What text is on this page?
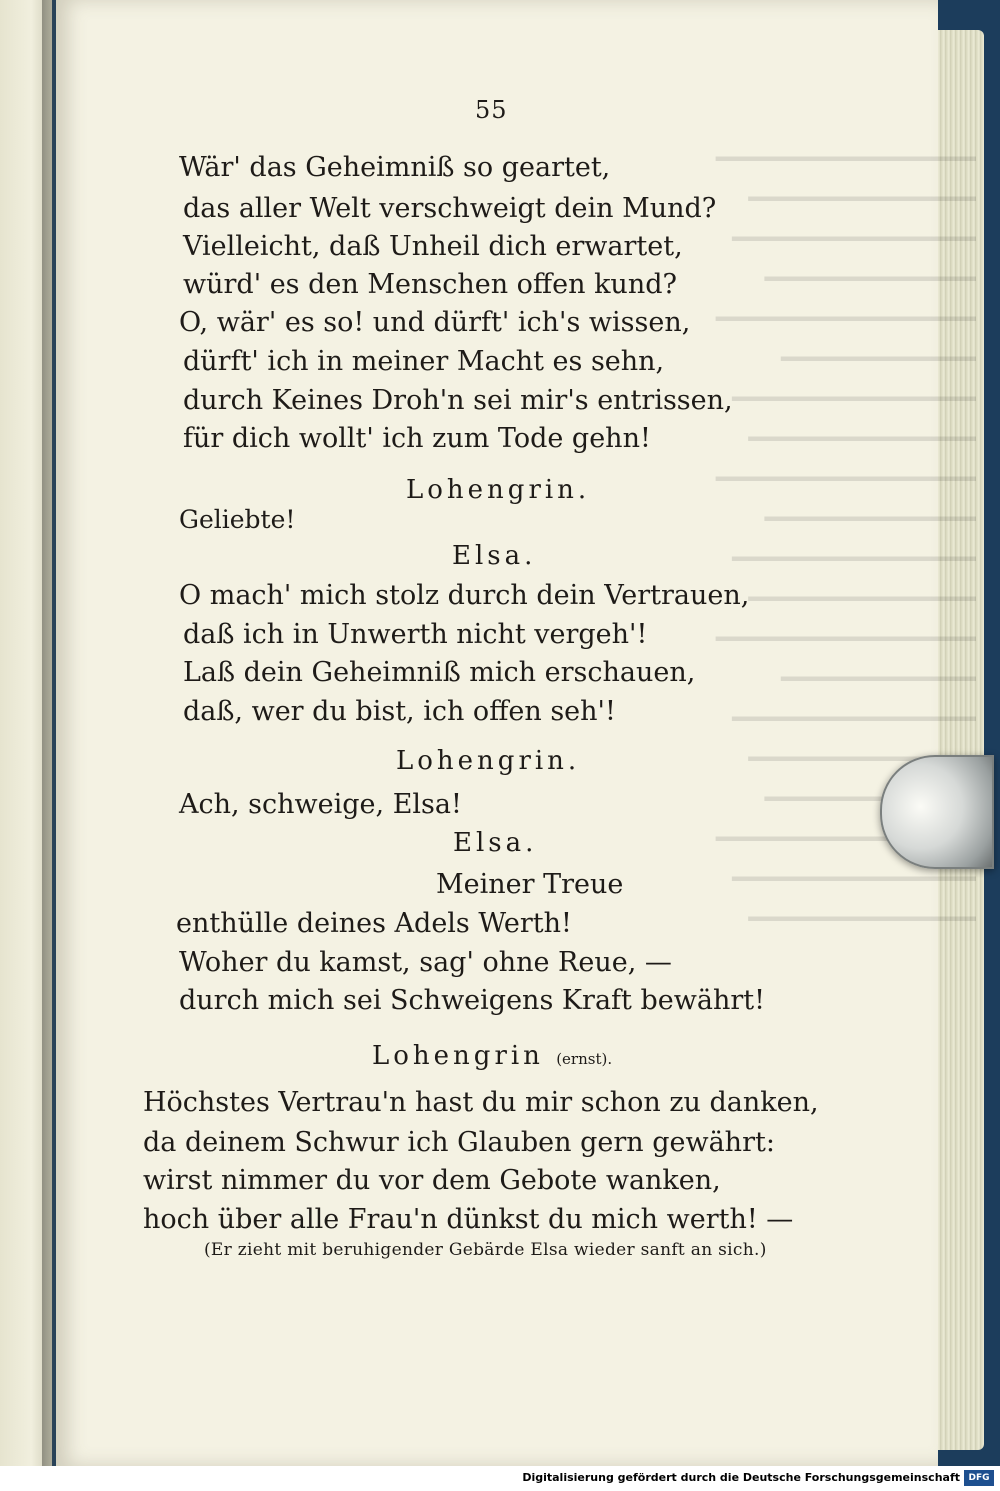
━━━━━━━━━━━━━━━━
━━━━━━━━━━━━━━
━━━━━━━━━━━━━━━
━━━━━━━━━━━━━
━━━━━━━━━━━━━━━━
━━━━━━━━━━━━
━━━━━━━━━━━━━━━
━━━━━━━━━━━━━━
━━━━━━━━━━━━━━━━
━━━━━━━━━━━━━
━━━━━━━━━━━━━━━
━━━━━━━━━━━━━━
━━━━━━━━━━━━━━━━
━━━━━━━━━━━━
━━━━━━━━━━━━━━━
━━━━━━━━━━━━━━
━━━━━━━━━━━━━
━━━━━━━━━━━━━━━━
━━━━━━━━━━━━━━━
━━━━━━━━━━━━━━
55
Wär' das Geheimniß so geartet,
das aller Welt verschweigt dein Mund?
Vielleicht, daß Unheil dich erwartet,
würd' es den Menschen offen kund?
O, wär' es so! und dürft' ich's wissen,
dürft' ich in meiner Macht es sehn,
durch Keines Droh'n sei mir's entrissen,
für dich wollt' ich zum Tode gehn!
Lohengrin.
Geliebte!
Elsa.
O mach' mich stolz durch dein Vertrauen,
daß ich in Unwerth nicht vergeh'!
Laß dein Geheimniß mich erschauen,
daß, wer du bist, ich offen seh'!
Lohengrin.
Ach, schweige, Elsa!
Elsa.
Meiner Treue
enthülle deines Adels Werth!
Woher du kamst, sag' ohne Reue, —
durch mich sei Schweigens Kraft bewährt!
Lohengrin (ernst).
Höchstes Vertrau'n hast du mir schon zu danken,
da deinem Schwur ich Glauben gern gewährt:
wirst nimmer du vor dem Gebote wanken,
hoch über alle Frau'n dünkst du mich werth! —
(Er zieht mit beruhigender Gebärde Elsa wieder sanft an sich.)
Digitalisierung gefördert durch die Deutsche Forschungsgemeinschaft DFG
